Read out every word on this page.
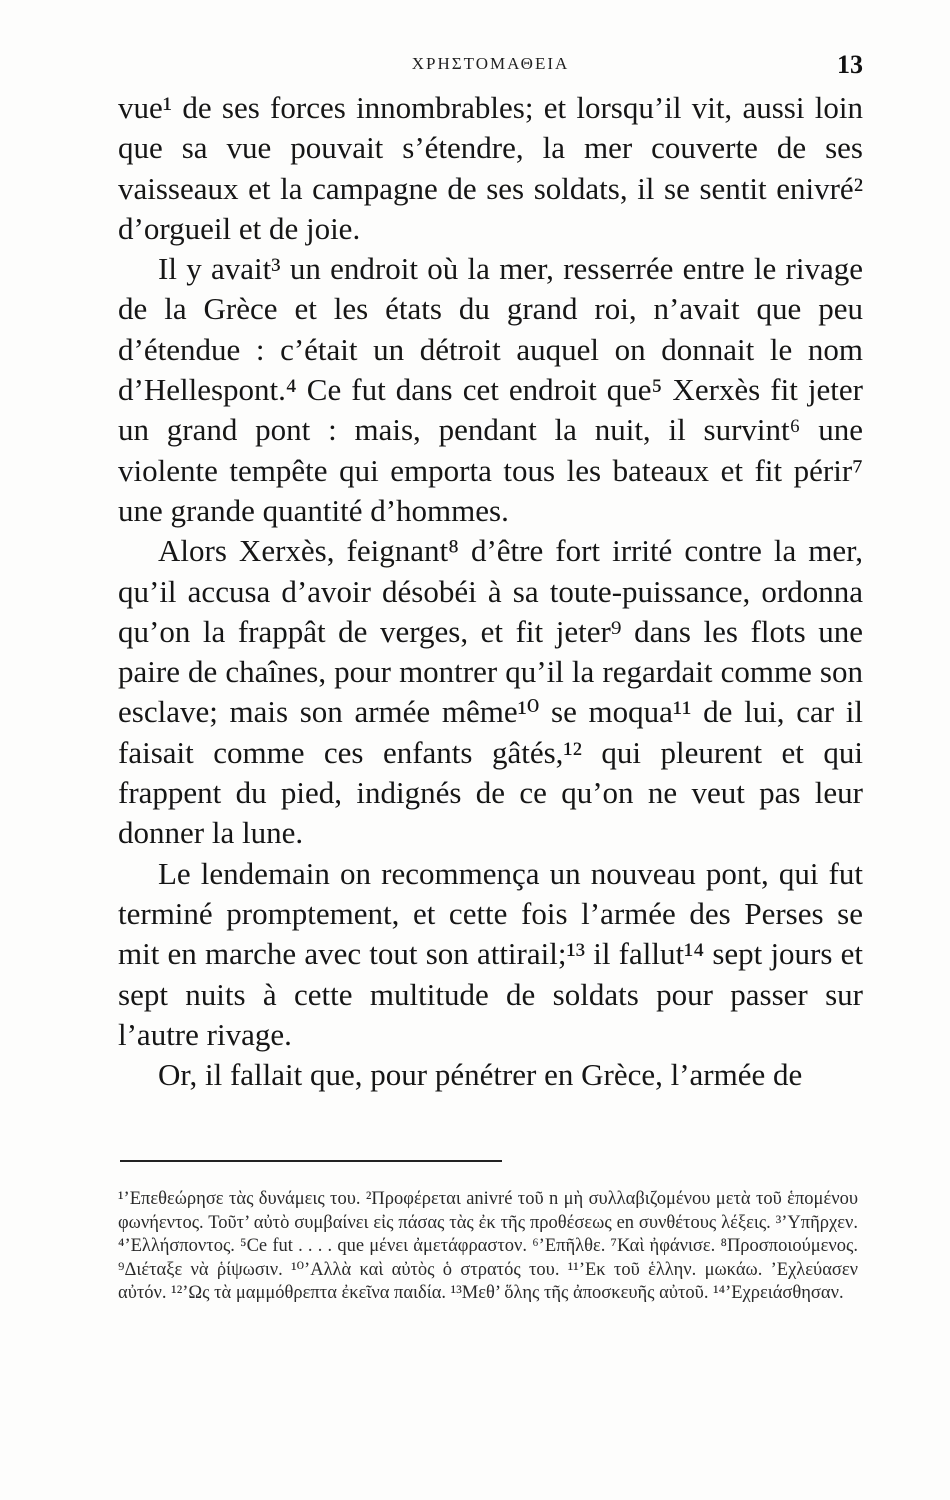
ΧΡΗΣΤΟΜΑΘΕΙΑ	13

vue¹ de ses forces innombrables; et lorsqu’il vit, aussi loin que sa vue pouvait s’étendre, la mer couverte de ses vaisseaux et la campagne de ses soldats, il se sentit enivré² d’orgueil et de joie.

Il y avait³ un endroit où la mer, resserrée entre le rivage de la Grèce et les états du grand roi, n’avait que peu d’étendue : c’était un détroit auquel on donnait le nom d’Hellespont.⁴ Ce fut dans cet endroit que⁵ Xerxès fit jeter un grand pont : mais, pendant la nuit, il survint⁶ une violente tempête qui emporta tous les bateaux et fit périr⁷ une grande quantité d’hommes.

Alors Xerxès, feignant⁸ d’être fort irrité contre la mer, qu’il accusa d’avoir désobéi à sa toute-puissance, ordonna qu’on la frappât de verges, et fit jeter⁹ dans les flots une paire de chaînes, pour montrer qu’il la regardait comme son esclave; mais son armée même¹⁰ se moqua¹¹ de lui, car il faisait comme ces enfants gâtés,¹² qui pleurent et qui frappent du pied, indignés de ce qu’on ne veut pas leur donner la lune.

Le lendemain on recommença un nouveau pont, qui fut terminé promptement, et cette fois l’armée des Perses se mit en marche avec tout son attirail;¹³ il fallut¹⁴ sept jours et sept nuits à cette multitude de soldats pour passer sur l’autre rivage.

Or, il fallait que, pour pénétrer en Grèce, l’armée de

¹’Επεθεώρησε τὰς δυνάμεις του. ²Προφέρεται anivré τοῦ n μὴ συλλαβιζομένου μετὰ τοῦ ἑπομένου φωνήεντος. Τοῦτ’ αὐτὸ συμβαίνει εἰς πάσας τὰς ἐκ τῆς προθέσεως en συνθέτους λέξεις. ³’Υπῆρχεν. ⁴’Ελλήσποντος. ⁵Ce fut . . . . que μένει ἀμετάφραστον. ⁶’Επῆλθε. ⁷Καὶ ἠφάνισε. ⁸Προσποιούμενος. ⁹Διέταξε νὰ ῥίψωσιν. ¹⁰’Αλλὰ καὶ αὐτὸς ὁ στρατός του. ¹¹’Εκ τοῦ ἑλλην. μωκάω. ’Εχλεύασεν αὐτόν. ¹²’Ως τὰ μαμμόθρεπτα ἐκεῖνα παιδία. ¹³Μεθ’ ὅλης τῆς ἀποσκευῆς αὐτοῦ. ¹⁴’Εχρειάσθησαν.
